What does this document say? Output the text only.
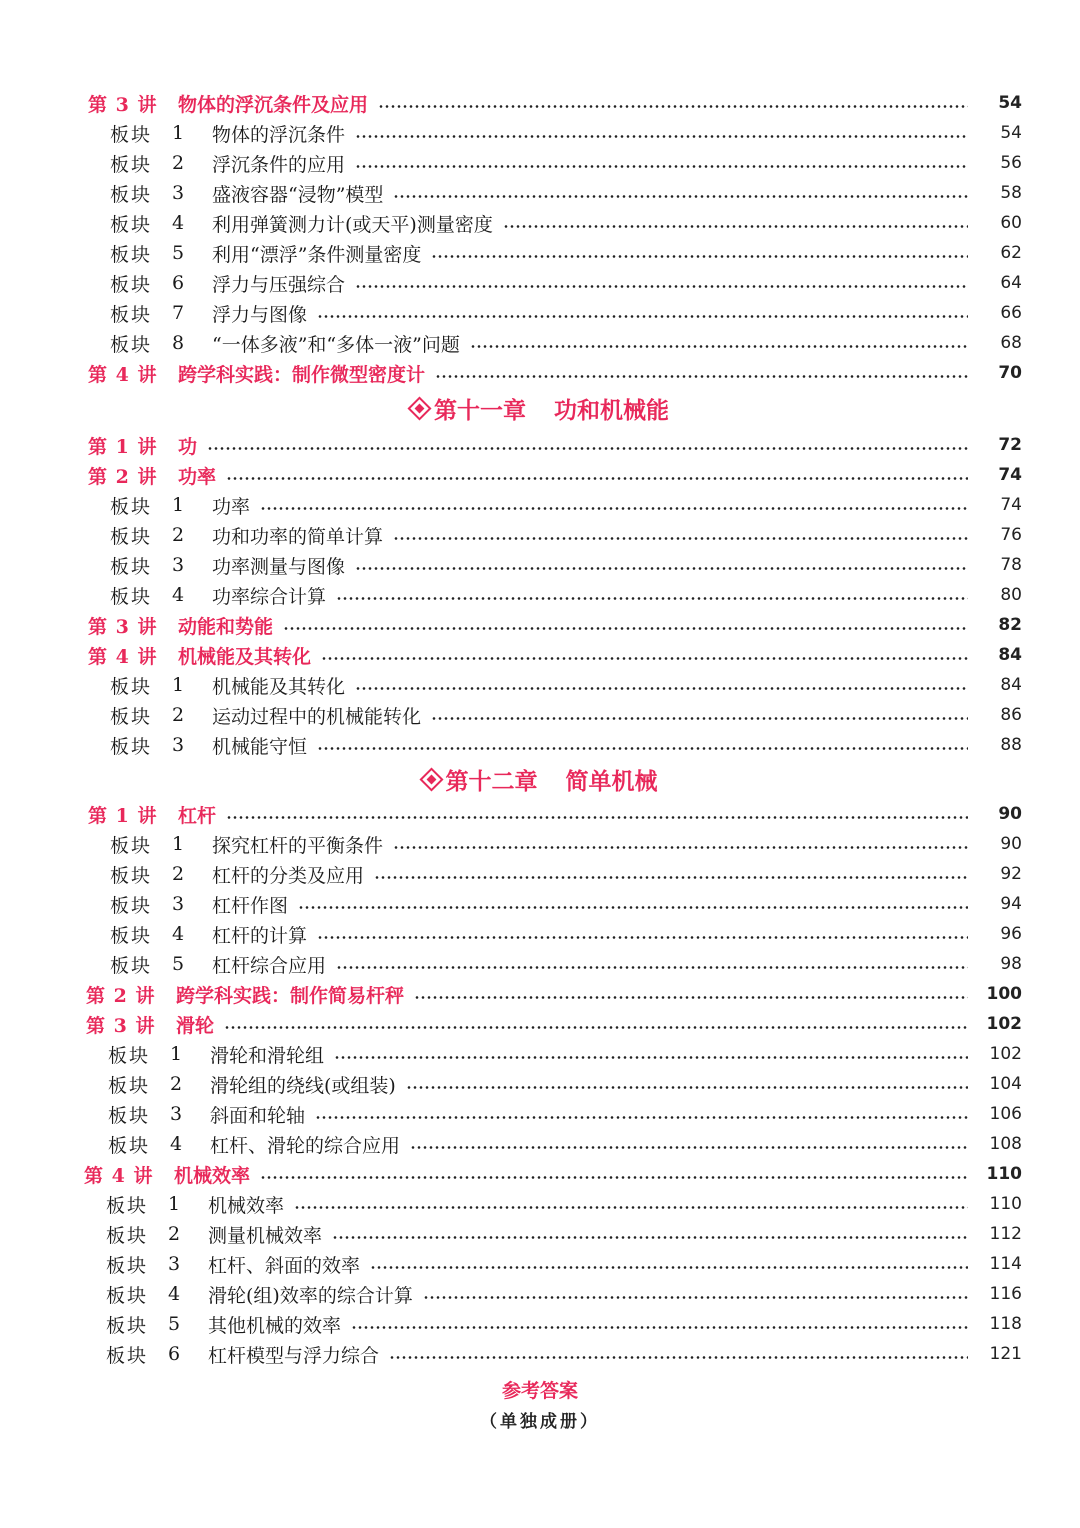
第 3 讲	物体的浮沉条件及应用	54
板块	1	物体的浮沉条件	54
板块	2	浮沉条件的应用	56
板块	3	盛液容器“浸物”模型	58
板块	4	利用弹簧测力计(或天平)测量密度	60
板块	5	利用“漂浮”条件测量密度	62
板块	6	浮力与压强综合	64
板块	7	浮力与图像	66
板块	8	“一体多液”和“多体一液”问题	68
第 4 讲	跨学科实践：制作微型密度计	70
第十一章 功和机械能
第 1 讲	功	72
第 2 讲	功率	74
板块	1	功率	74
板块	2	功和功率的简单计算	76
板块	3	功率测量与图像	78
板块	4	功率综合计算	80
第 3 讲	动能和势能	82
第 4 讲	机械能及其转化	84
板块	1	机械能及其转化	84
板块	2	运动过程中的机械能转化	86
板块	3	机械能守恒	88
第十二章 简单机械
第 1 讲	杠杆	90
板块	1	探究杠杆的平衡条件	90
板块	2	杠杆的分类及应用	92
板块	3	杠杆作图	94
板块	4	杠杆的计算	96
板块	5	杠杆综合应用	98
第 2 讲	跨学科实践：制作简易杆秤	100
第 3 讲	滑轮	102
板块	1	滑轮和滑轮组	102
板块	2	滑轮组的绕线(或组装)	104
板块	3	斜面和轮轴	106
板块	4	杠杆、滑轮的综合应用	108
第 4 讲	机械效率	110
板块	1	机械效率	110
板块	2	测量机械效率	112
板块	3	杠杆、斜面的效率	114
板块	4	滑轮(组)效率的综合计算	116
板块	5	其他机械的效率	118
板块	6	杠杆模型与浮力综合	121
参考答案
（单独成册）
